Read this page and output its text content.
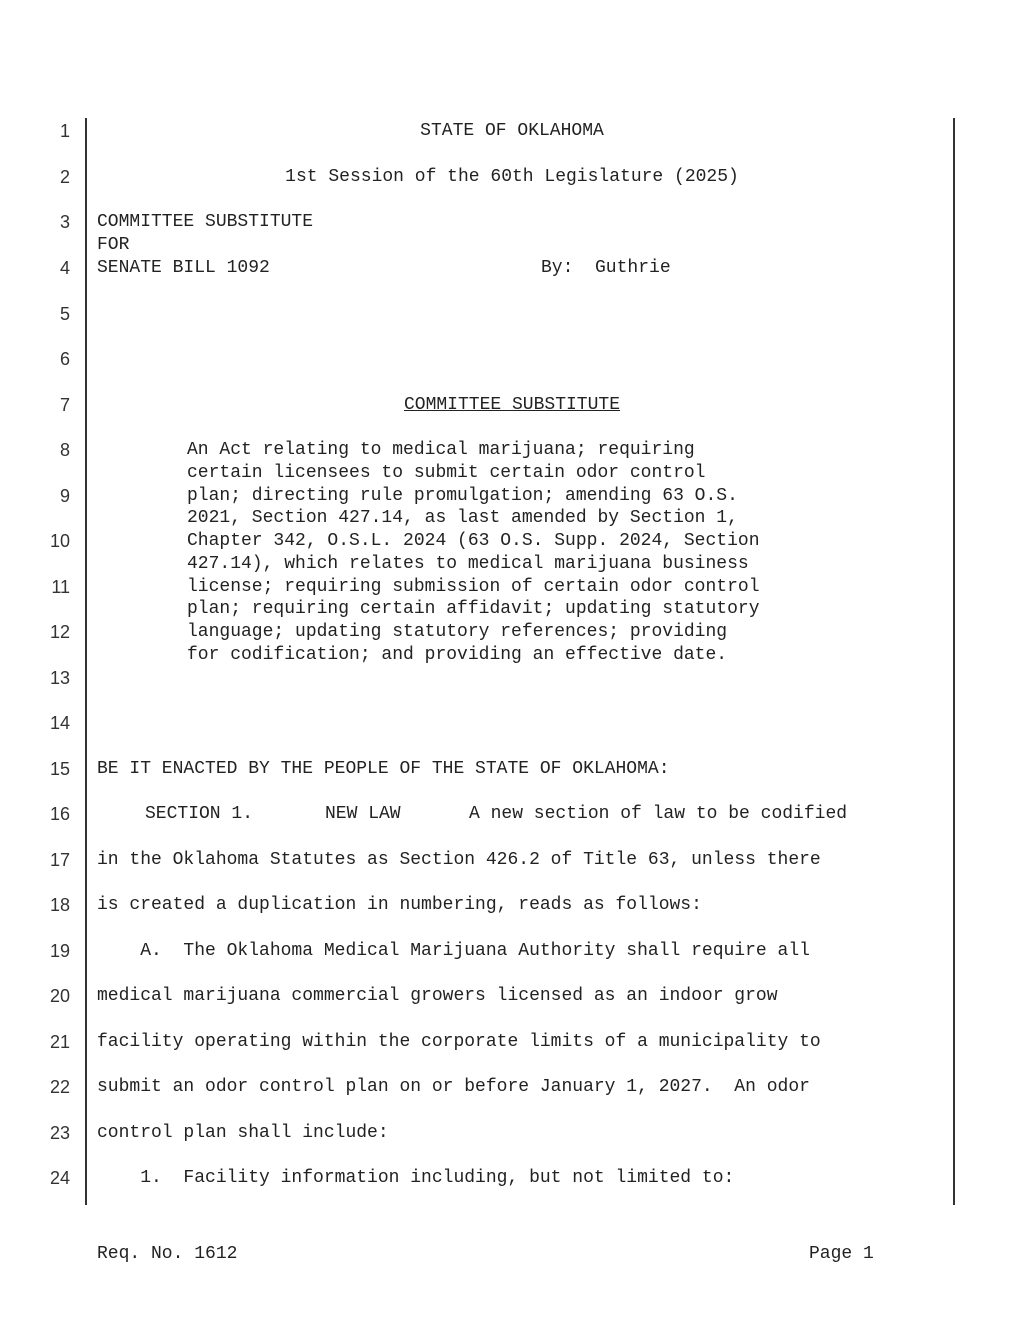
1
2
3
4
5
6
7
8
9
10
11
12
13
14
15
16
17
18
19
20
21
22
23
24
STATE OF OKLAHOMA
1st Session of the 60th Legislature (2025)
COMMITTEE SUBSTITUTE
FOR
SENATE BILL 1092	By:  Guthrie
COMMITTEE SUBSTITUTE
An Act relating to medical marijuana; requiring
certain licensees to submit certain odor control
plan; directing rule promulgation; amending 63 O.S.
2021, Section 427.14, as last amended by Section 1,
Chapter 342, O.S.L. 2024 (63 O.S. Supp. 2024, Section
427.14), which relates to medical marijuana business
license; requiring submission of certain odor control
plan; requiring certain affidavit; updating statutory
language; updating statutory references; providing
for codification; and providing an effective date.
BE IT ENACTED BY THE PEOPLE OF THE STATE OF OKLAHOMA:
SECTION 1.	NEW LAW	A new section of law to be codified
in the Oklahoma Statutes as Section 426.2 of Title 63, unless there
is created a duplication in numbering, reads as follows:
A.  The Oklahoma Medical Marijuana Authority shall require all
medical marijuana commercial growers licensed as an indoor grow
facility operating within the corporate limits of a municipality to
submit an odor control plan on or before January 1, 2027.  An odor
control plan shall include:
1.  Facility information including, but not limited to:
Req. No. 1612	Page 1
